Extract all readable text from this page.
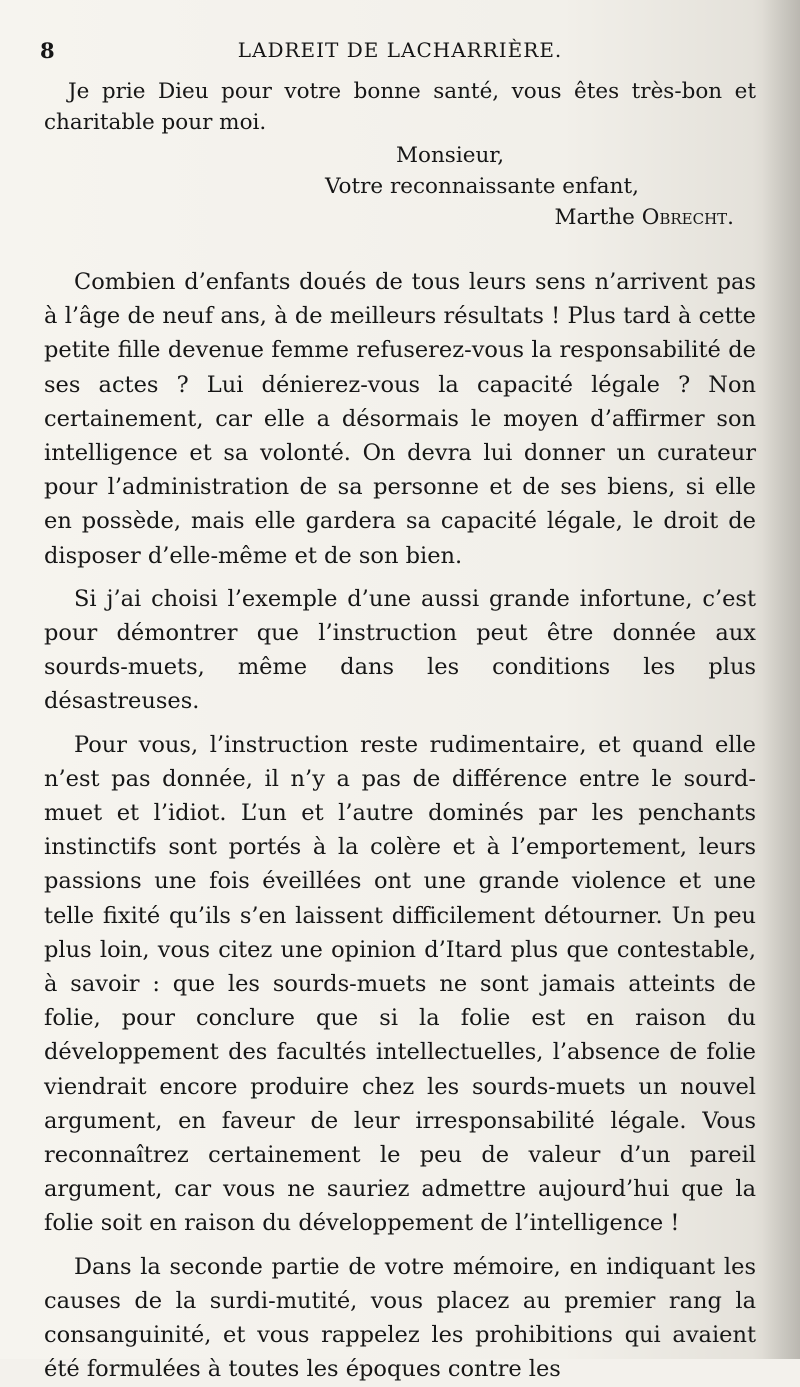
8	LADREIT DE LACHARRIÈRE.

Je prie Dieu pour votre bonne santé, vous êtes très-bon et charitable pour moi.

Monsieur,
Votre reconnaissante enfant,
Marthe Obrecht.

Combien d’enfants doués de tous leurs sens n’arrivent pas à l’âge de neuf ans, à de meilleurs résultats ! Plus tard à cette petite fille devenue femme refuserez-vous la responsabilité de ses actes ? Lui dénierez-vous la capacité légale ? Non certainement, car elle a désormais le moyen d’affirmer son intelligence et sa volonté. On devra lui donner un curateur pour l’administration de sa personne et de ses biens, si elle en possède, mais elle gardera sa capacité légale, le droit de disposer d’elle-même et de son bien.

Si j’ai choisi l’exemple d’une aussi grande infortune, c’est pour démontrer que l’instruction peut être donnée aux sourds-muets, même dans les conditions les plus désastreuses.

Pour vous, l’instruction reste rudimentaire, et quand elle n’est pas donnée, il n’y a pas de différence entre le sourd-muet et l’idiot. L’un et l’autre dominés par les penchants instinctifs sont portés à la colère et à l’emportement, leurs passions une fois éveillées ont une grande violence et une telle fixité qu’ils s’en laissent difficilement détourner. Un peu plus loin, vous citez une opinion d’Itard plus que contestable, à savoir : que les sourds-muets ne sont jamais atteints de folie, pour conclure que si la folie est en raison du développement des facultés intellectuelles, l’absence de folie viendrait encore produire chez les sourds-muets un nouvel argument, en faveur de leur irresponsabilité légale. Vous reconnaîtrez certainement le peu de valeur d’un pareil argument, car vous ne sauriez admettre aujourd’hui que la folie soit en raison du développement de l’intelligence !

Dans la seconde partie de votre mémoire, en indiquant les causes de la surdi-mutité, vous placez au premier rang la consanguinité, et vous rappelez les prohibitions qui avaient été formulées à toutes les époques contre les
